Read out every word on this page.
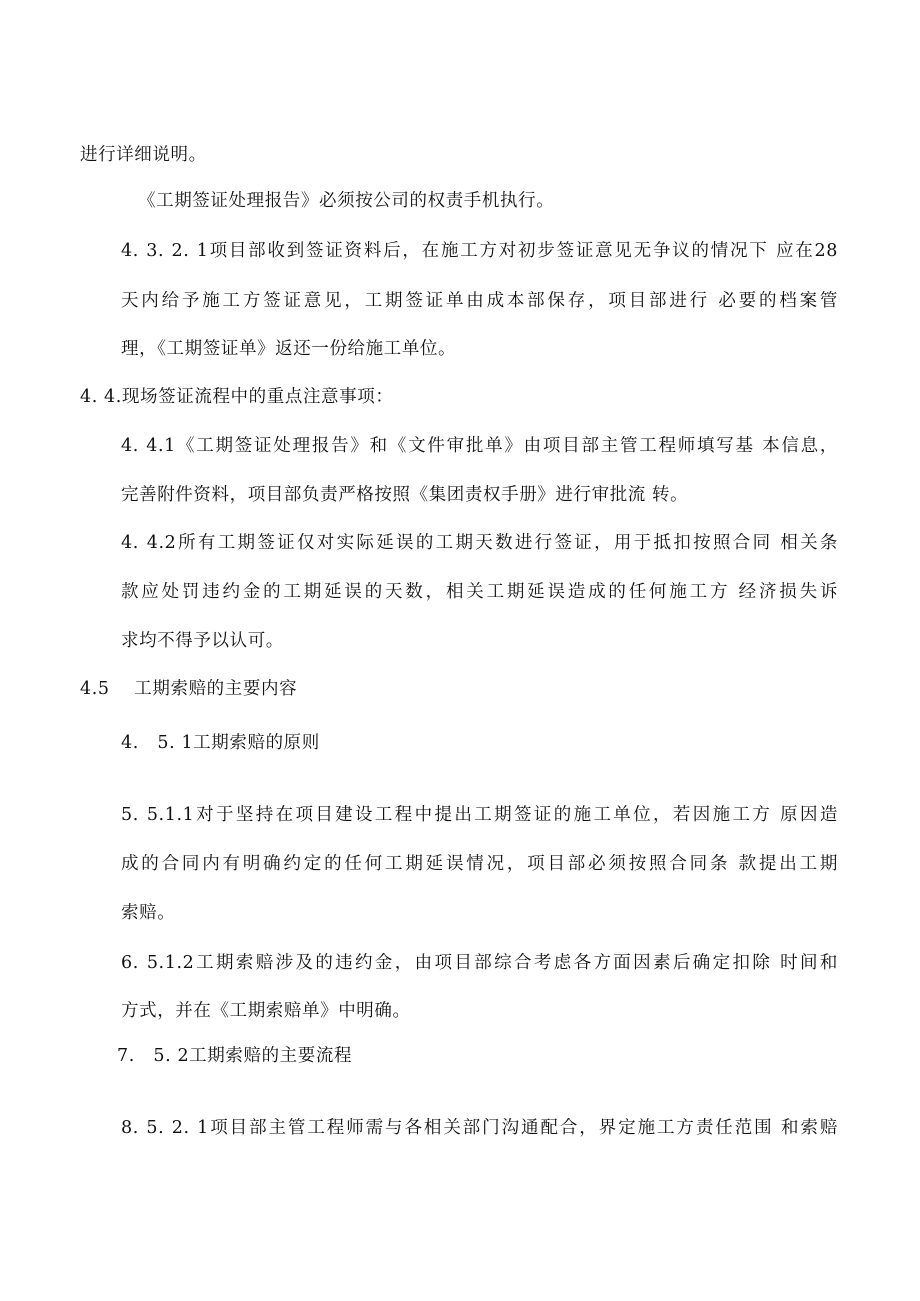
进行详细说明。
《工期签证处理报告》必须按公司的权责手机执行。
4. 3. 2. 1项目部收到签证资料后，在施工方对初步签证意见无争议的情况下 应在28
天内给予施工方签证意见，工期签证单由成本部保存，项目部进行 必要的档案管
理，《工期签证单》返还一份给施工单位。
4. 4.现场签证流程中的重点注意事项：
4. 4.1《工期签证处理报告》和《文件审批单》由项目部主管工程师填写基 本信息，
完善附件资料，项目部负责严格按照《集团责权手册》进行审批流 转。
4. 4.2所有工期签证仅对实际延误的工期天数进行签证，用于抵扣按照合同 相关条
款应处罚违约金的工期延误的天数，相关工期延误造成的任何施工方 经济损失诉
求均不得予以认可。
4.5    工期索赔的主要内容
4.   5. 1工期索赔的原则
5. 5.1.1对于坚持在项目建设工程中提出工期签证的施工单位，若因施工方 原因造
成的合同内有明确约定的任何工期延误情况，项目部必须按照合同条 款提出工期
索赔。
6. 5.1.2工期索赔涉及的违约金，由项目部综合考虑各方面因素后确定扣除 时间和
方式，并在《工期索赔单》中明确。
7.   5. 2工期索赔的主要流程
8. 5. 2. 1项目部主管工程师需与各相关部门沟通配合，界定施工方责任范围 和索赔
